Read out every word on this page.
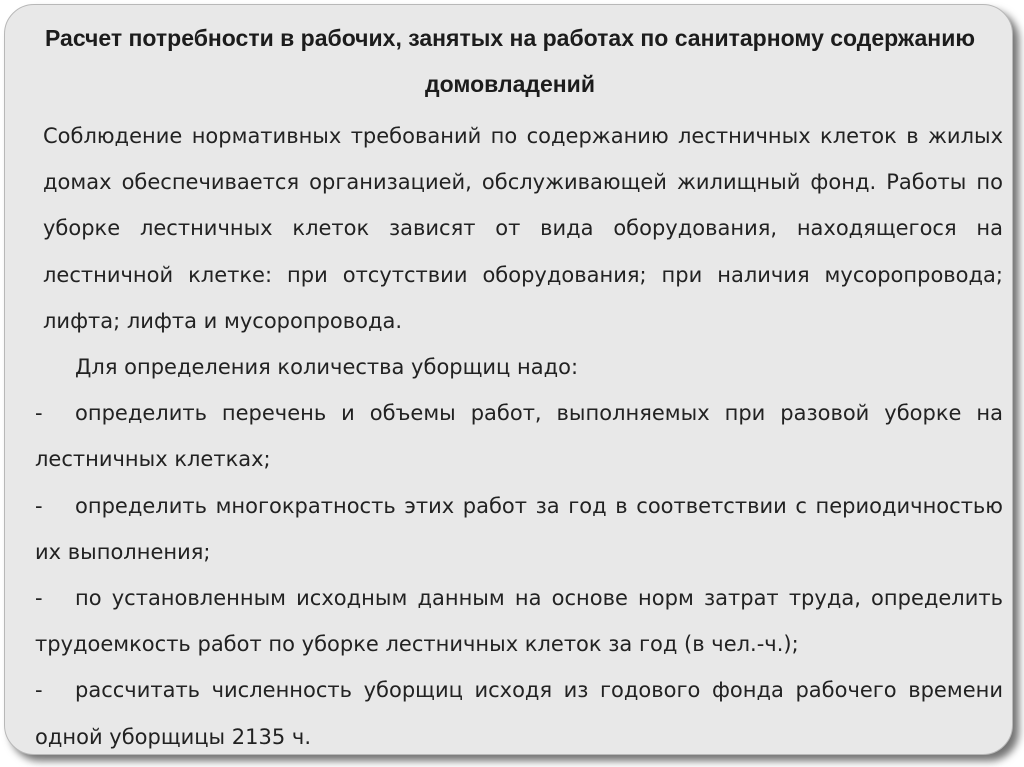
Расчет потребности в рабочих, занятых на работах по санитарному содержанию домовладений

Соблюдение нормативных требований по содержанию лестничных клеток в жилых домах обеспечивается организацией, обслуживающей жилищный фонд. Работы по уборке лестничных клеток зависят от вида оборудования, находящегося на лестничной клетке: при отсутствии оборудования; при наличия мусоропровода; лифта; лифта и мусоропровода.

Для определения количества уборщиц надо:

- определить перечень и объемы работ, выполняемых при разовой уборке на лестничных клетках;

- определить многократность этих работ за год в соответствии с периодичностью их выполнения;

- по установленным исходным данным на основе норм затрат труда, определить трудоемкость работ по уборке лестничных клеток за год (в чел.-ч.);

- рассчитать численность уборщиц исходя из годового фонда рабочего времени одной уборщицы 2135 ч.
